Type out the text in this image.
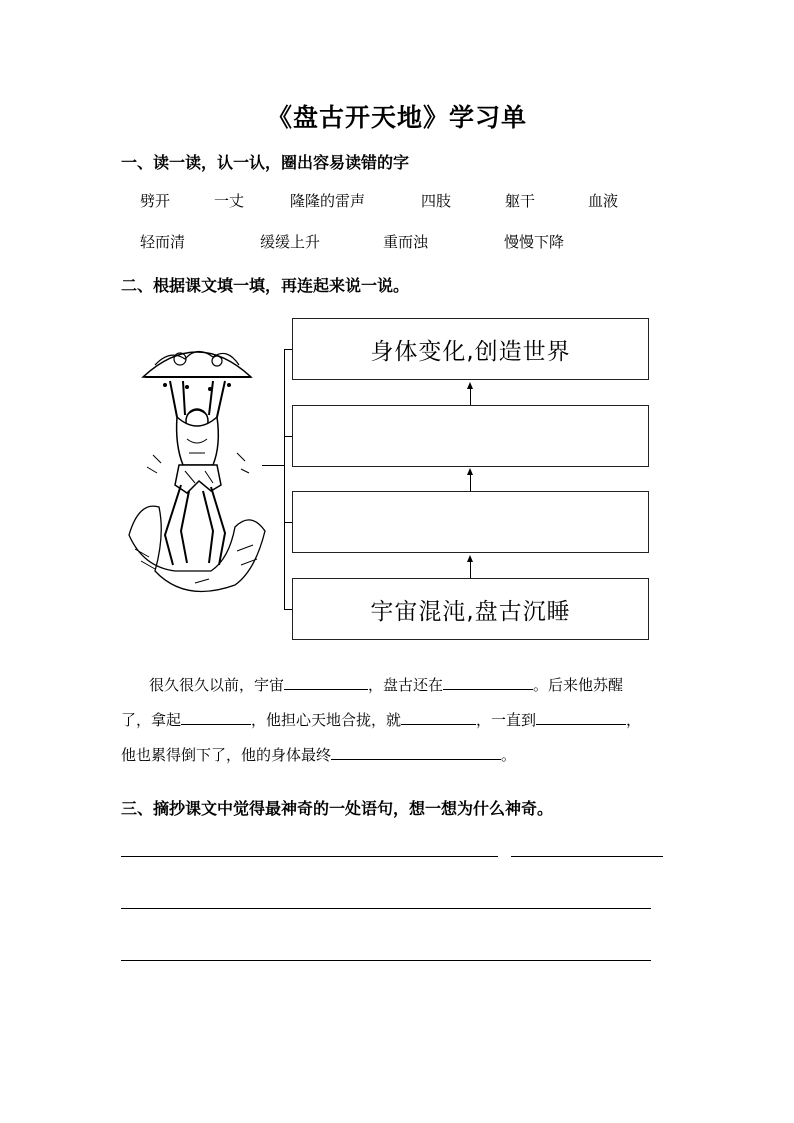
《盘古开天地》学习单
一、读一读，认一认，圈出容易读错的字
劈开	一丈	隆隆的雷声	四肢	躯干	血液
轻而清	缓缓上升	重而浊	慢慢下降
二、根据课文填一填，再连起来说一说。
身体变化,创造世界
宇宙混沌,盘古沉睡
很久很久以前，宇宙	，盘古还在	。后来他苏醒
了，拿起	，他担心天地合拢，就	，一直到	，
他也累得倒下了，他的身体最终	。
三、摘抄课文中觉得最神奇的一处语句，想一想为什么神奇。
